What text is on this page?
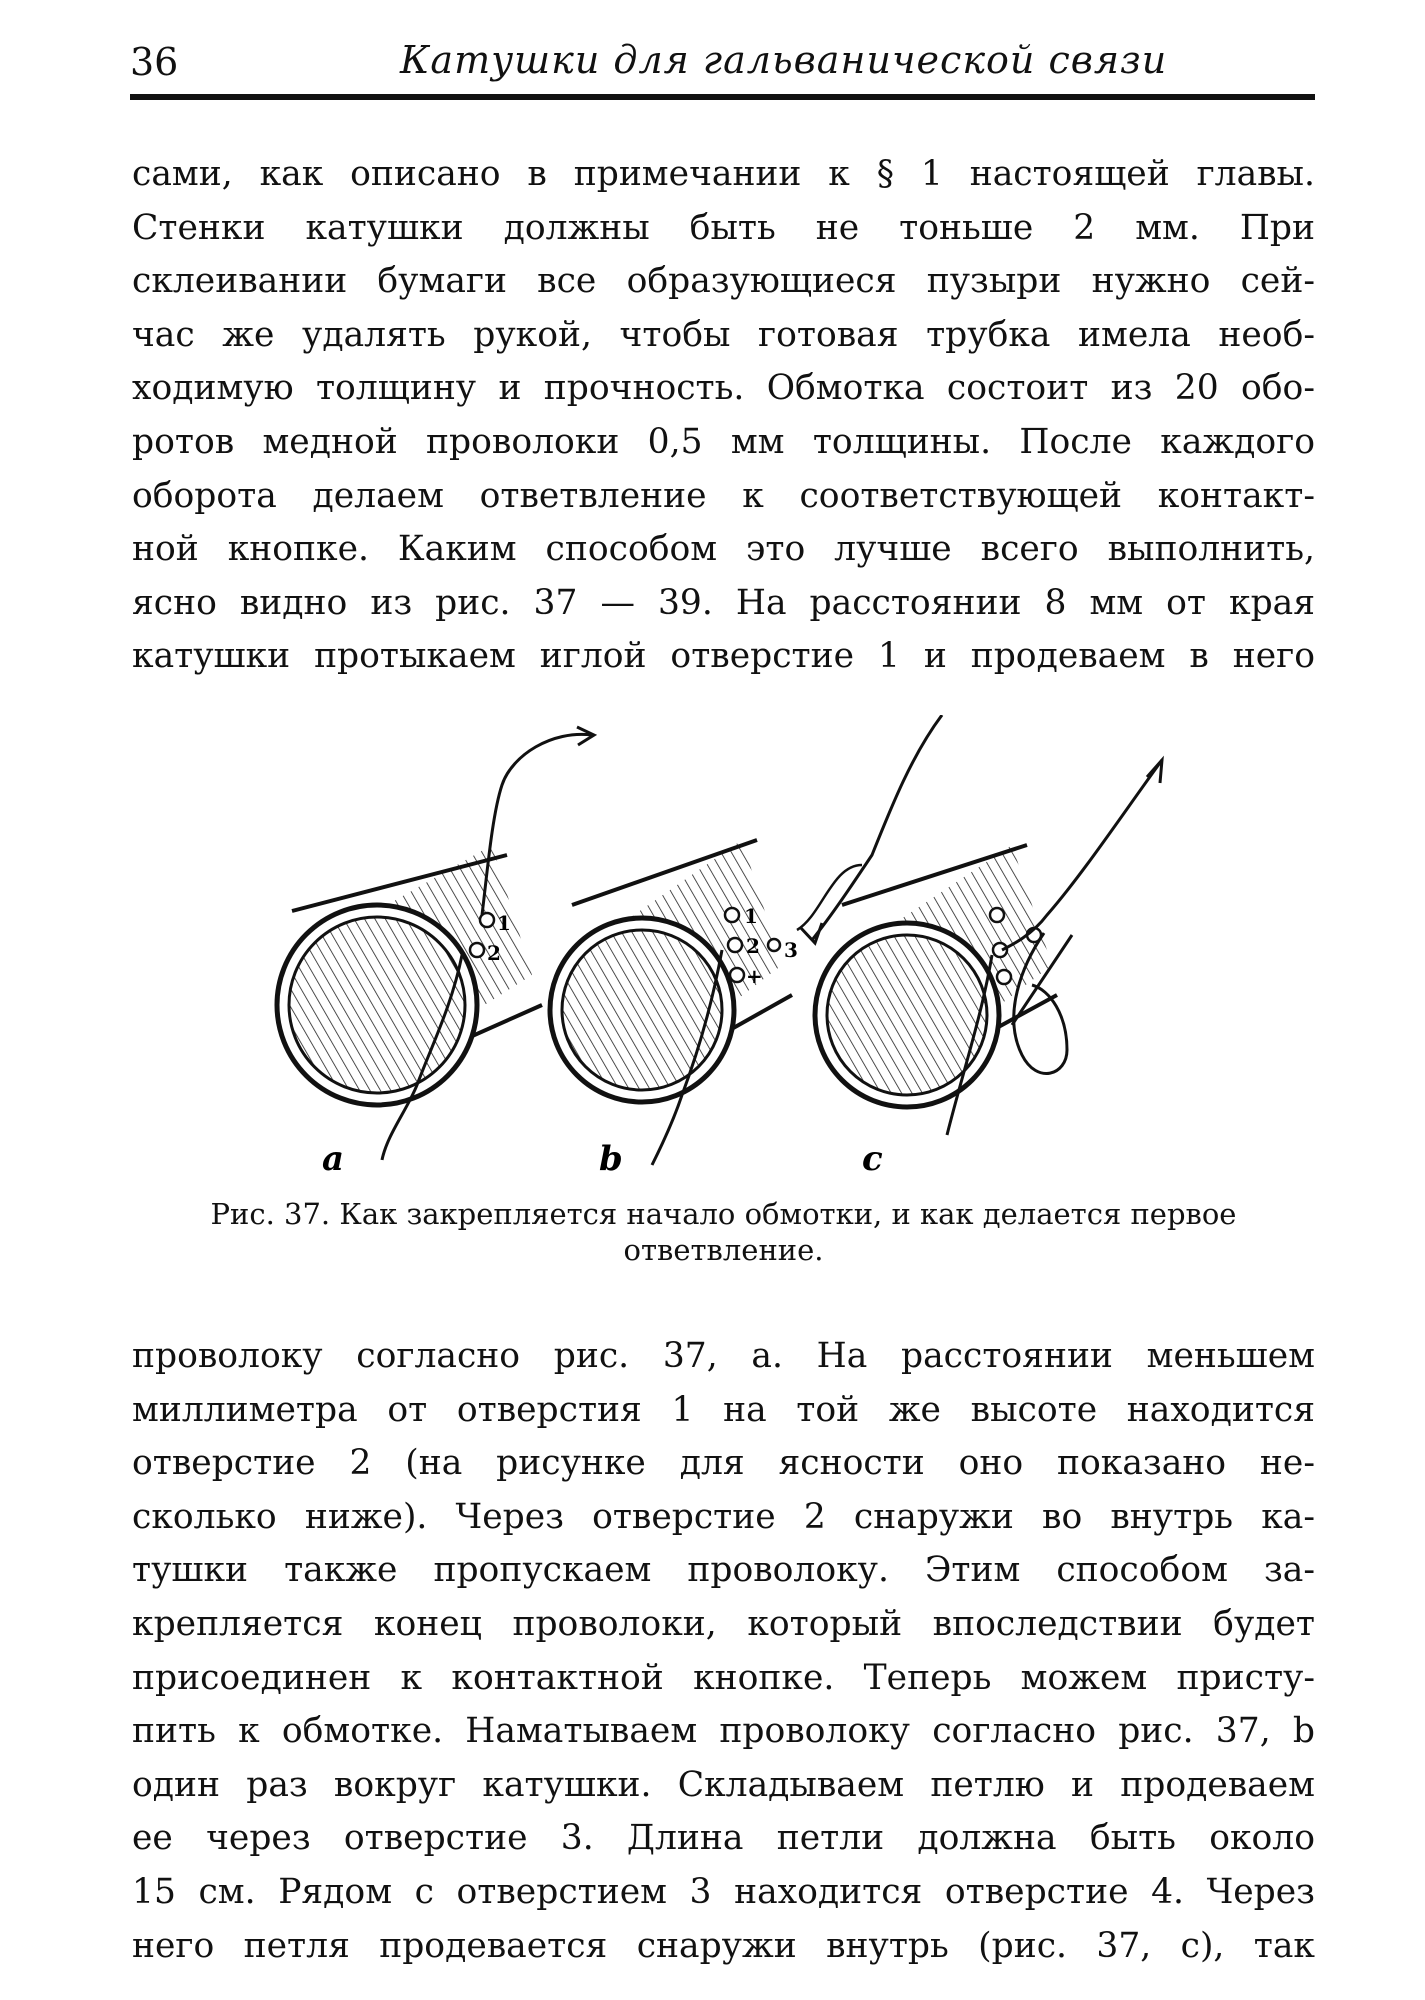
36	Катушки для гальванической связи
сами, как описано в примечании к § 1 настоящей главы.
Стенки катушки должны быть не тоньше 2 мм. При
склеивании бумаги все образующиеся пузыри нужно сей-
час же удалять рукой, чтобы готовая трубка имела необ-
ходимую толщину и прочность. Обмотка состоит из 20 обо-
ротов медной проволоки 0,5 мм толщины. После каждого
оборота делаем ответвление к соответствующей контакт-
ной кнопке. Каким способом это лучше всего выполнить,
ясно видно из рис. 37 — 39. На расстоянии 8 мм от края
катушки протыкаем иглой отверстие 1 и продеваем в него
1
2
a
1
2 3
+
b	c
Рис. 37. Как закрепляется начало обмотки, и как делается первое
ответвление.
проволоку согласно рис. 37, a. На расстоянии меньшем
миллиметра от отверстия 1 на той же высоте находится
отверстие 2 (на рисунке для ясности оно показано не-
сколько ниже). Через отверстие 2 снаружи во внутрь ка-
тушки также пропускаем проволоку. Этим способом за-
крепляется конец проволоки, который впоследствии будет
присоединен к контактной кнопке. Теперь можем присту-
пить к обмотке. Наматываем проволоку согласно рис. 37, b
один раз вокруг катушки. Складываем петлю и продеваем
ее через отверстие 3. Длина петли должна быть около
15 см. Рядом с отверстием 3 находится отверстие 4. Через
него петля продевается снаружи внутрь (рис. 37, c), так
